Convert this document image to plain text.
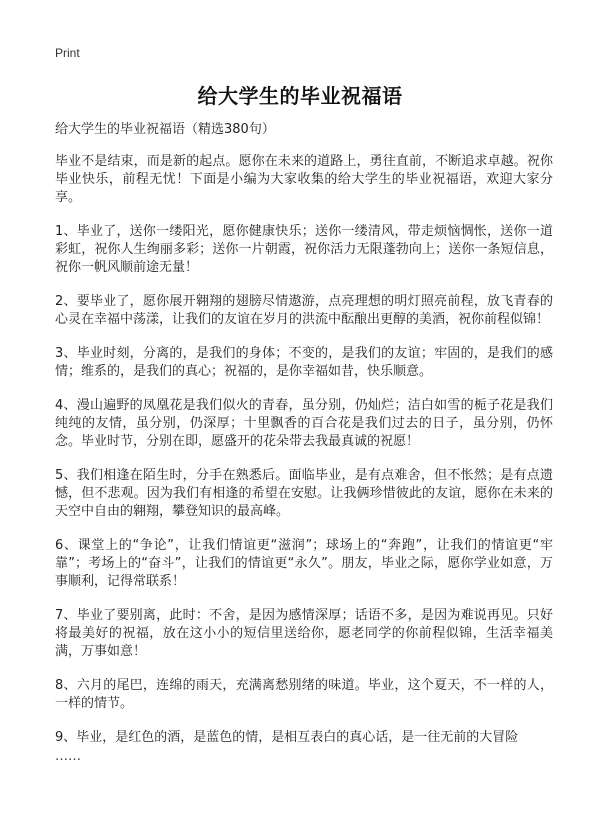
Print
给大学生的毕业祝福语

给大学生的毕业祝福语（精选380句）

毕业不是结束，而是新的起点。愿你在未来的道路上，勇往直前，不断追求卓越。祝你毕业快乐，前程无忧！下面是小编为大家收集的给大学生的毕业祝福语，欢迎大家分享。

1、毕业了，送你一缕阳光，愿你健康快乐；送你一缕清风，带走烦恼惆怅，送你一道彩虹，祝你人生绚丽多彩；送你一片朝霞，祝你活力无限蓬勃向上；送你一条短信息，祝你一帆风顺前途无量！

2、要毕业了，愿你展开翱翔的翅膀尽情遨游，点亮理想的明灯照亮前程，放飞青春的心灵在幸福中荡漾，让我们的友谊在岁月的洪流中酝酿出更醇的美酒，祝你前程似锦！

3、毕业时刻，分离的，是我们的身体；不变的，是我们的友谊；牢固的，是我们的感情；维系的，是我们的真心；祝福的，是你幸福如昔，快乐顺意。

4、漫山遍野的凤凰花是我们似火的青春，虽分别，仍灿烂；洁白如雪的栀子花是我们纯纯的友情，虽分别，仍深厚；十里飘香的百合花是我们过去的日子，虽分别，仍怀念。毕业时节，分别在即，愿盛开的花朵带去我最真诚的祝愿！

5、我们相逢在陌生时，分手在熟悉后。面临毕业，是有点难舍，但不怅然；是有点遗憾，但不悲观。因为我们有相逢的希望在安慰。让我俩珍惜彼此的友谊，愿你在未来的天空中自由的翱翔，攀登知识的最高峰。

6、课堂上的“争论”，让我们情谊更“滋润”；球场上的“奔跑”，让我们的情谊更“牢靠”；考场上的“奋斗”，让我们的情谊更“永久”。朋友，毕业之际，愿你学业如意，万事顺利，记得常联系！

7、毕业了要别离，此时：不舍，是因为感情深厚；话语不多，是因为难说再见。只好将最美好的祝福，放在这小小的短信里送给你，愿老同学的你前程似锦，生活幸福美满，万事如意！

8、六月的尾巴，连绵的雨天，充满离愁别绪的味道。毕业，这个夏天，不一样的人，一样的情节。

9、毕业，是红色的酒，是蓝色的情，是相互表白的真心话，是一往无前的大冒险

……
